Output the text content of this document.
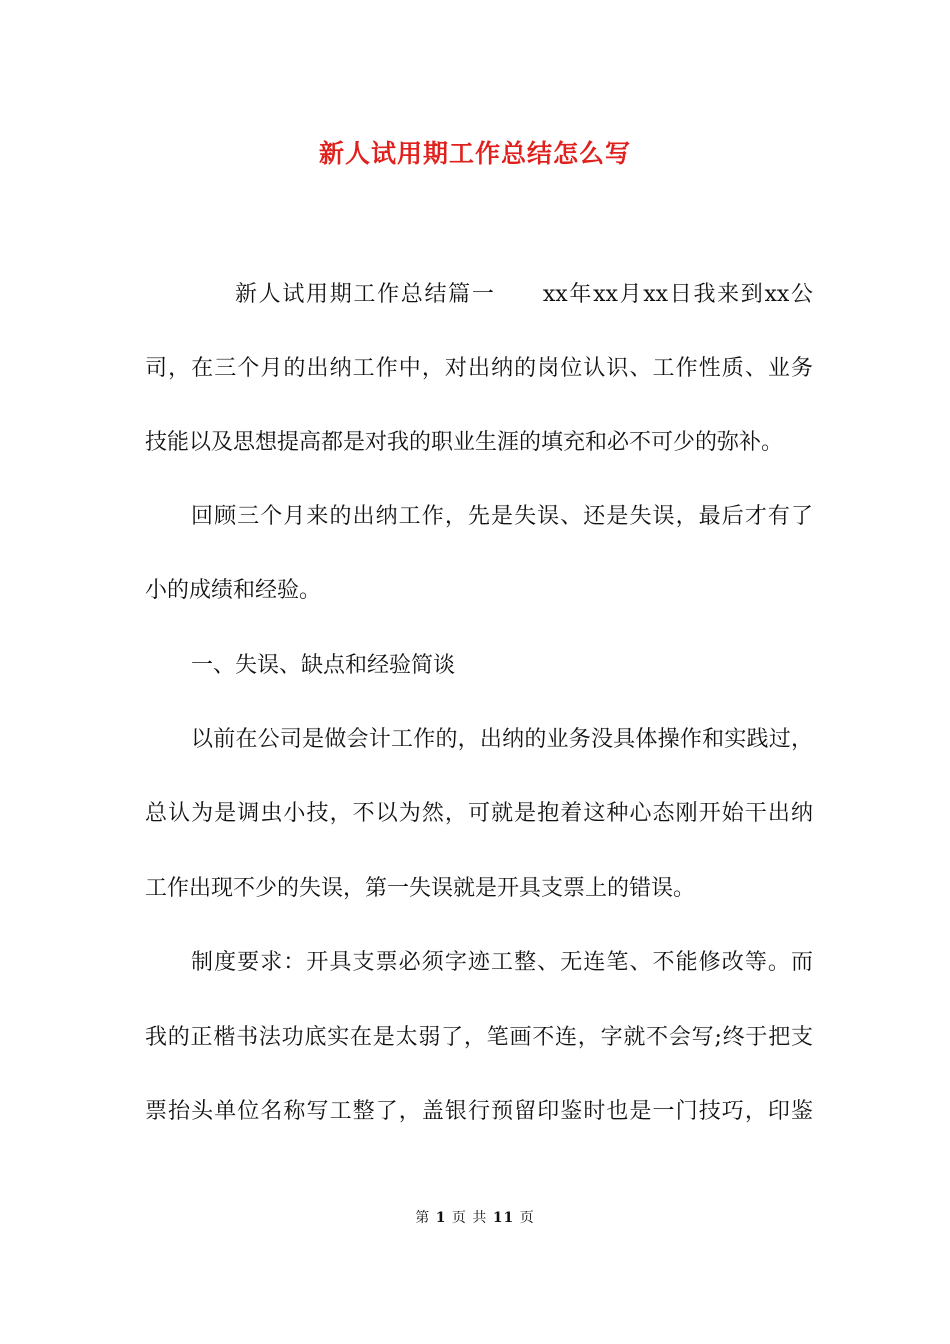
新人试用期工作总结怎么写
新人试用期工作总结篇一　　xx年xx月xx日我来到xx公
司，在三个月的出纳工作中，对出纳的岗位认识、工作性质、业务
技能以及思想提高都是对我的职业生涯的填充和必不可少的弥补。
回顾三个月来的出纳工作，先是失误、还是失误，最后才有了
小的成绩和经验。
一、失误、缺点和经验简谈
以前在公司是做会计工作的，出纳的业务没具体操作和实践过，
总认为是调虫小技，不以为然，可就是抱着这种心态刚开始干出纳
工作出现不少的失误，第一失误就是开具支票上的错误。
制度要求：开具支票必须字迹工整、无连笔、不能修改等。而
我的正楷书法功底实在是太弱了，笔画不连，字就不会写;终于把支
票抬头单位名称写工整了，盖银行预留印鉴时也是一门技巧，印鉴
第 1 页 共 11 页
